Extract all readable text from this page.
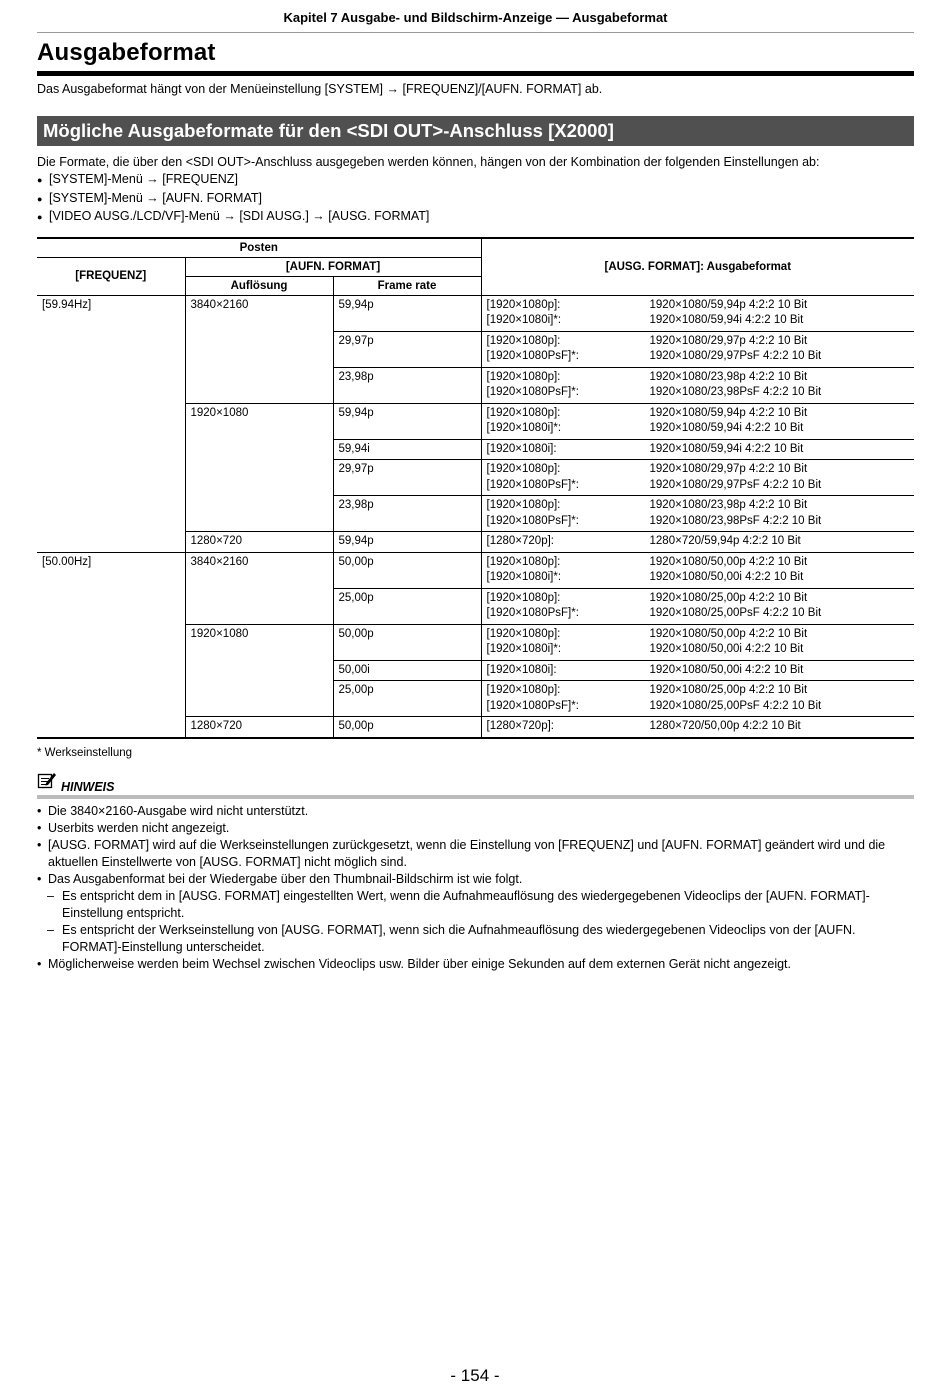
Kapitel 7 Ausgabe- und Bildschirm-Anzeige — Ausgabeformat
Ausgabeformat
Das Ausgabeformat hängt von der Menüeinstellung [SYSTEM] → [FREQUENZ]/[AUFN. FORMAT] ab.
Mögliche Ausgabeformate für den <SDI OUT>-Anschluss [X2000]
Die Formate, die über den <SDI OUT>-Anschluss ausgegeben werden können, hängen von der Kombination der folgenden Einstellungen ab:
● [SYSTEM]-Menü → [FREQUENZ]
● [SYSTEM]-Menü → [AUFN. FORMAT]
● [VIDEO AUSG./LCD/VF]-Menü → [SDI AUSG.] → [AUSG. FORMAT]
Posten			[AUSG. FORMAT]: Ausgabeformat
[FREQUENZ]	[AUFN. FORMAT]		
	Auflösung	Frame rate	
[59.94Hz]	3840×2160	59,94p	[1920×1080p]: 1920×1080/59,94p 4:2:2 10 Bit
[1920×1080i]*: 1920×1080/59,94i 4:2:2 10 Bit

		29,97p	[1920×1080p]: 1920×1080/29,97p 4:2:2 10 Bit
[1920×1080PsF]*: 1920×1080/29,97PsF 4:2:2 10 Bit

		23,98p	[1920×1080p]: 1920×1080/23,98p 4:2:2 10 Bit
[1920×1080PsF]*: 1920×1080/23,98PsF 4:2:2 10 Bit

	1920×1080	59,94p	[1920×1080p]: 1920×1080/59,94p 4:2:2 10 Bit
[1920×1080i]*: 1920×1080/59,94i 4:2:2 10 Bit

		59,94i	[1920×1080i]: 1920×1080/59,94i 4:2:2 10 Bit

		29,97p	[1920×1080p]: 1920×1080/29,97p 4:2:2 10 Bit
[1920×1080PsF]*: 1920×1080/29,97PsF 4:2:2 10 Bit

		23,98p	[1920×1080p]: 1920×1080/23,98p 4:2:2 10 Bit
[1920×1080PsF]*: 1920×1080/23,98PsF 4:2:2 10 Bit

	1280×720	59,94p	[1280×720p]: 1280×720/59,94p 4:2:2 10 Bit

[50.00Hz]	3840×2160	50,00p	[1920×1080p]: 1920×1080/50,00p 4:2:2 10 Bit
[1920×1080i]*: 1920×1080/50,00i 4:2:2 10 Bit

		25,00p	[1920×1080p]: 1920×1080/25,00p 4:2:2 10 Bit
[1920×1080PsF]*: 1920×1080/25,00PsF 4:2:2 10 Bit

	1920×1080	50,00p	[1920×1080p]: 1920×1080/50,00p 4:2:2 10 Bit
[1920×1080i]*: 1920×1080/50,00i 4:2:2 10 Bit

		50,00i	[1920×1080i]: 1920×1080/50,00i 4:2:2 10 Bit

		25,00p	[1920×1080p]: 1920×1080/25,00p 4:2:2 10 Bit
[1920×1080PsF]*: 1920×1080/25,00PsF 4:2:2 10 Bit

	1280×720	50,00p	[1280×720p]: 1280×720/50,00p 4:2:2 10 Bit
* Werkseinstellung
HINWEIS
• Die 3840×2160-Ausgabe wird nicht unterstützt.
• Userbits werden nicht angezeigt.
• [AUSG. FORMAT] wird auf die Werkseinstellungen zurückgesetzt, wenn die Einstellung von [FREQUENZ] und [AUFN. FORMAT] geändert wird und die aktuellen Einstellwerte von [AUSG. FORMAT] nicht möglich sind.
• Das Ausgabenformat bei der Wiedergabe über den Thumbnail-Bildschirm ist wie folgt.
– Es entspricht dem in [AUSG. FORMAT] eingestellten Wert, wenn die Aufnahmeauflösung des wiedergegebenen Videoclips der [AUFN. FORMAT]-Einstellung entspricht.
– Es entspricht der Werkseinstellung von [AUSG. FORMAT], wenn sich die Aufnahmeauflösung des wiedergegebenen Videoclips von der [AUFN. FORMAT]-Einstellung unterscheidet.
• Möglicherweise werden beim Wechsel zwischen Videoclips usw. Bilder über einige Sekunden auf dem externen Gerät nicht angezeigt.
- 154 -
